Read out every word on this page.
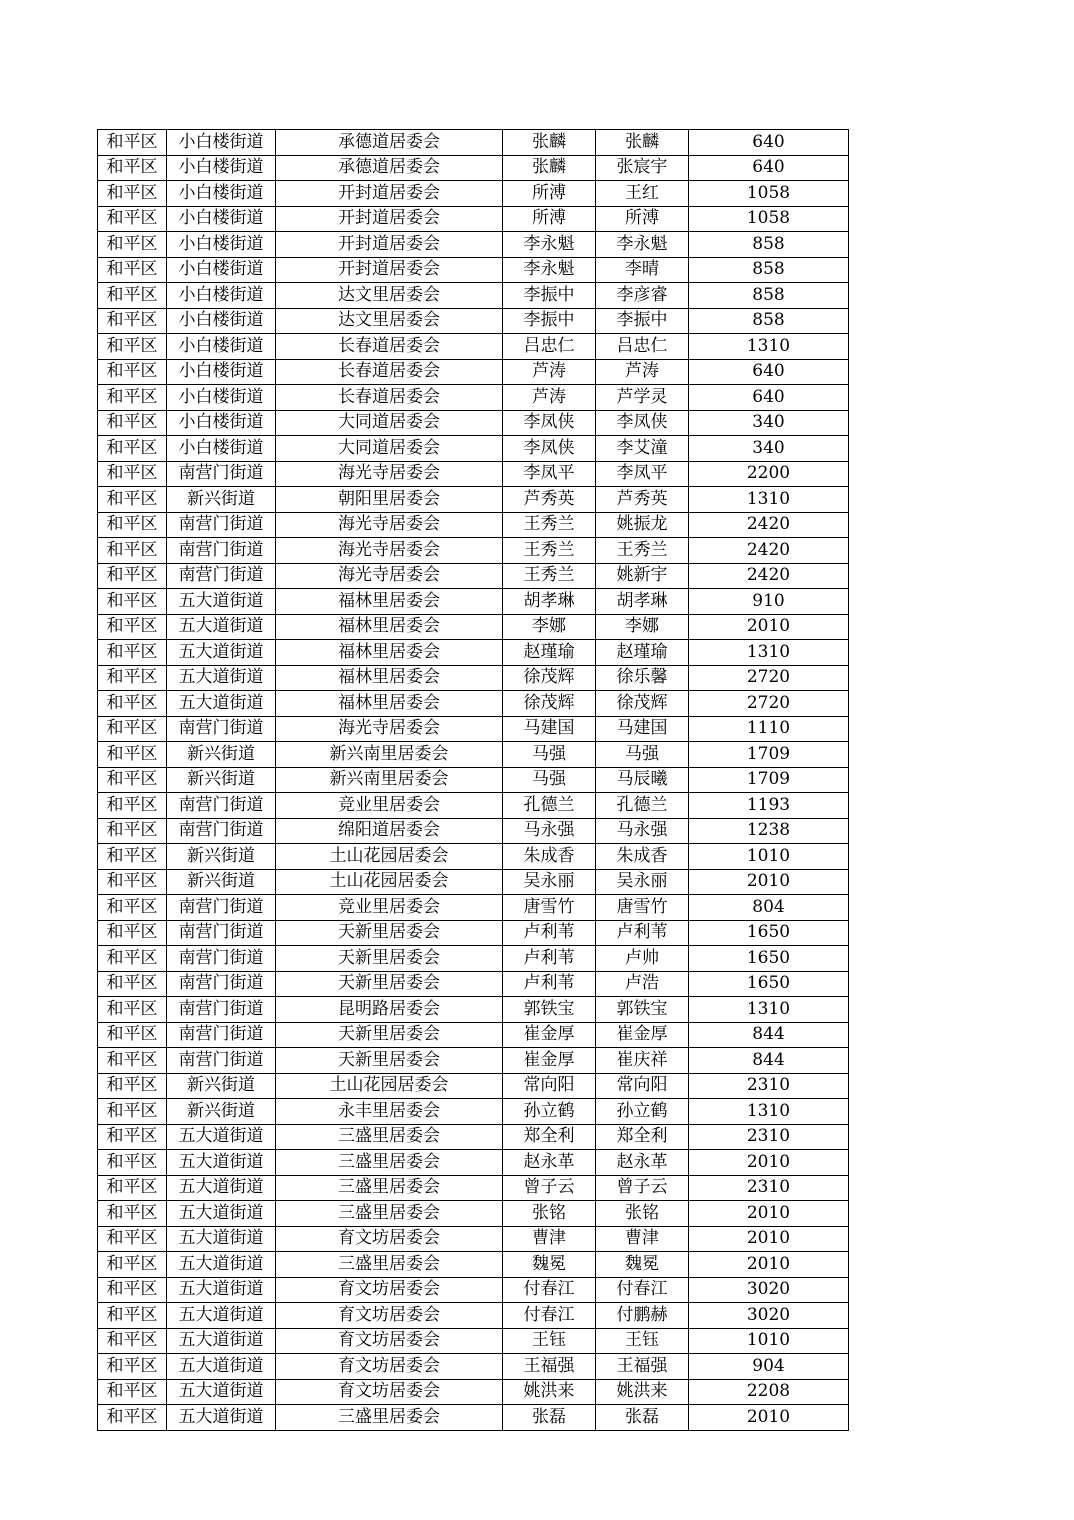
和平区	小白楼街道	承德道居委会	张麟	张麟	640
和平区	小白楼街道	承德道居委会	张麟	张宸宇	640
和平区	小白楼街道	开封道居委会	所溥	王红	1058
和平区	小白楼街道	开封道居委会	所溥	所溥	1058
和平区	小白楼街道	开封道居委会	李永魁	李永魁	858
和平区	小白楼街道	开封道居委会	李永魁	李晴	858
和平区	小白楼街道	达文里居委会	李振中	李彦睿	858
和平区	小白楼街道	达文里居委会	李振中	李振中	858
和平区	小白楼街道	长春道居委会	吕忠仁	吕忠仁	1310
和平区	小白楼街道	长春道居委会	芦涛	芦涛	640
和平区	小白楼街道	长春道居委会	芦涛	芦学灵	640
和平区	小白楼街道	大同道居委会	李凤侠	李凤侠	340
和平区	小白楼街道	大同道居委会	李凤侠	李艾潼	340
和平区	南营门街道	海光寺居委会	李凤平	李凤平	2200
和平区	新兴街道	朝阳里居委会	芦秀英	芦秀英	1310
和平区	南营门街道	海光寺居委会	王秀兰	姚振龙	2420
和平区	南营门街道	海光寺居委会	王秀兰	王秀兰	2420
和平区	南营门街道	海光寺居委会	王秀兰	姚新宇	2420
和平区	五大道街道	福林里居委会	胡孝琳	胡孝琳	910
和平区	五大道街道	福林里居委会	李娜	李娜	2010
和平区	五大道街道	福林里居委会	赵瑾瑜	赵瑾瑜	1310
和平区	五大道街道	福林里居委会	徐茂辉	徐乐馨	2720
和平区	五大道街道	福林里居委会	徐茂辉	徐茂辉	2720
和平区	南营门街道	海光寺居委会	马建国	马建国	1110
和平区	新兴街道	新兴南里居委会	马强	马强	1709
和平区	新兴街道	新兴南里居委会	马强	马辰曦	1709
和平区	南营门街道	竞业里居委会	孔德兰	孔德兰	1193
和平区	南营门街道	绵阳道居委会	马永强	马永强	1238
和平区	新兴街道	土山花园居委会	朱成香	朱成香	1010
和平区	新兴街道	土山花园居委会	吴永丽	吴永丽	2010
和平区	南营门街道	竞业里居委会	唐雪竹	唐雪竹	804
和平区	南营门街道	天新里居委会	卢利苇	卢利苇	1650
和平区	南营门街道	天新里居委会	卢利苇	卢帅	1650
和平区	南营门街道	天新里居委会	卢利苇	卢浩	1650
和平区	南营门街道	昆明路居委会	郭铁宝	郭铁宝	1310
和平区	南营门街道	天新里居委会	崔金厚	崔金厚	844
和平区	南营门街道	天新里居委会	崔金厚	崔庆祥	844
和平区	新兴街道	土山花园居委会	常向阳	常向阳	2310
和平区	新兴街道	永丰里居委会	孙立鹤	孙立鹤	1310
和平区	五大道街道	三盛里居委会	郑全利	郑全利	2310
和平区	五大道街道	三盛里居委会	赵永革	赵永革	2010
和平区	五大道街道	三盛里居委会	曾子云	曾子云	2310
和平区	五大道街道	三盛里居委会	张铭	张铭	2010
和平区	五大道街道	育文坊居委会	曹津	曹津	2010
和平区	五大道街道	三盛里居委会	魏冕	魏冕	2010
和平区	五大道街道	育文坊居委会	付春江	付春江	3020
和平区	五大道街道	育文坊居委会	付春江	付鹏赫	3020
和平区	五大道街道	育文坊居委会	王钰	王钰	1010
和平区	五大道街道	育文坊居委会	王福强	王福强	904
和平区	五大道街道	育文坊居委会	姚洪来	姚洪来	2208
和平区	五大道街道	三盛里居委会	张磊	张磊	2010
